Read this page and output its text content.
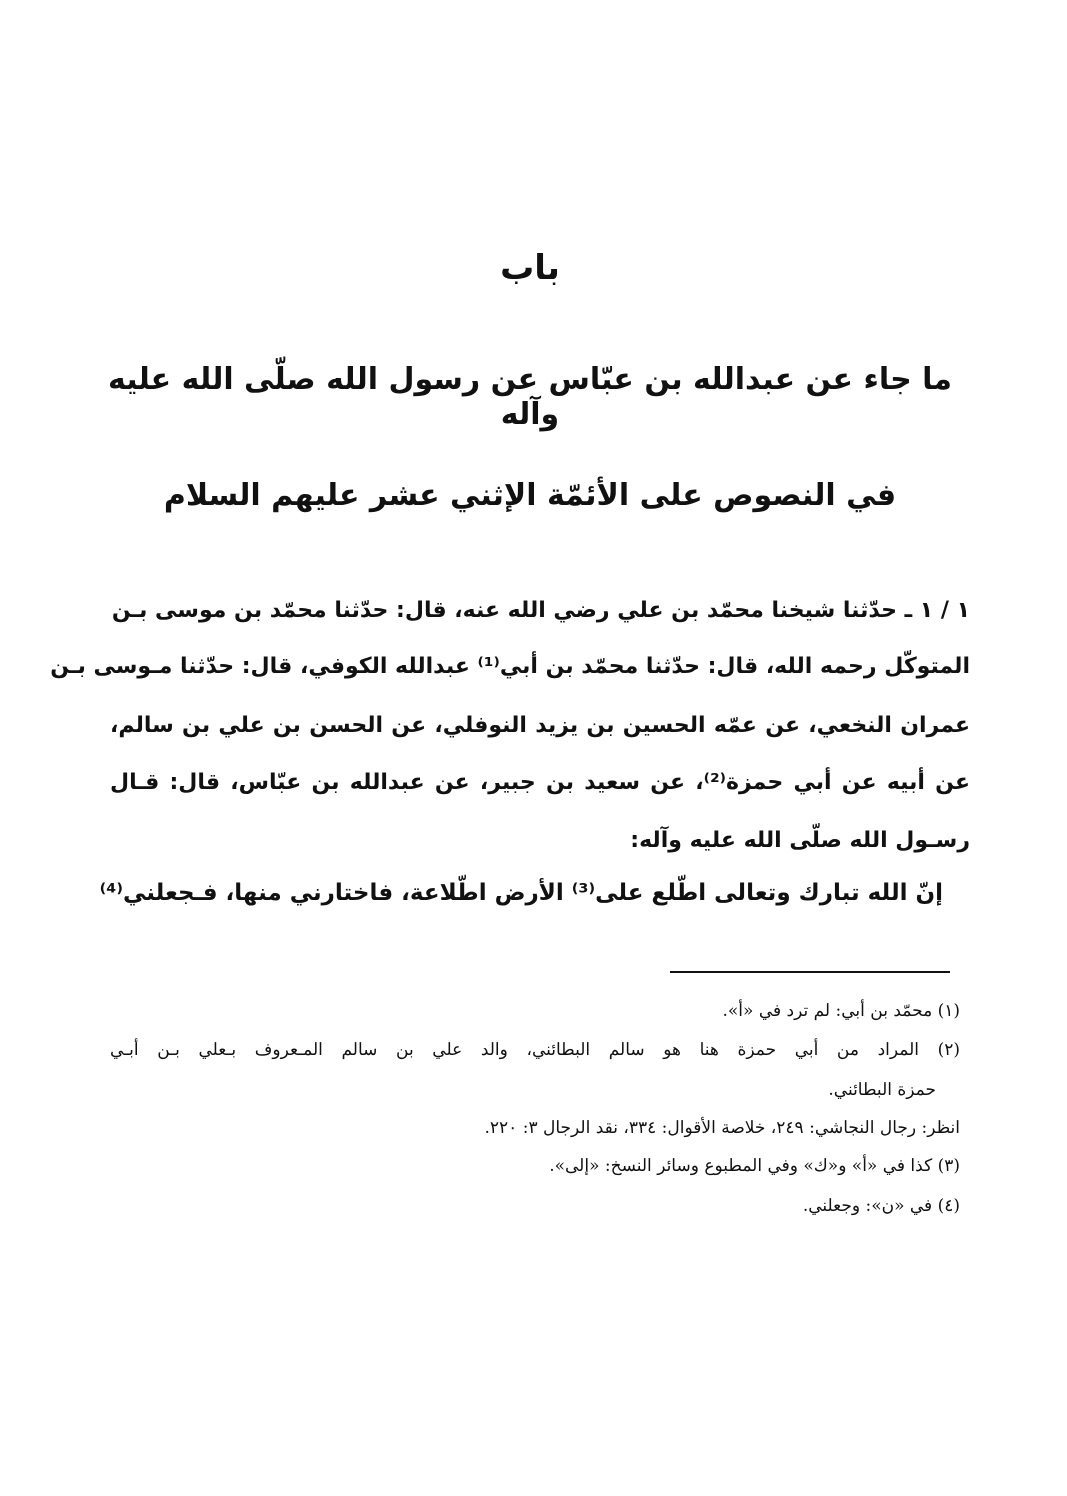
باب
ما جاء عن عبدالله بن عبّاس عن رسول الله صلّى الله عليه وآله
في النصوص على الأئمّة الإثني عشر عليهم السلام
١ / ١ ـ حدّثنا شيخنا محمّد بن علي رضي الله عنه، قال: حدّثنا محمّد بن موسى بـن
المتوكّل رحمه الله، قال: حدّثنا محمّد بن أبي⁽¹⁾ عبدالله الكوفي، قال: حدّثنا مـوسى بـن
عمران النخعي، عن عمّه الحسين بن يزيد النوفلي، عن الحسن بن علي بن سالم،
عن أبيه عن أبي حمزة⁽²⁾، عن سعيد بن جبير، عن عبدالله بن عبّاس، قال: قـال
رسـول الله صلّى الله عليه وآله:
إنّ الله تبارك وتعالى اطّلع على⁽³⁾ الأرض اطّلاعة، فاختارني منها، فـجعلني⁽⁴⁾
(١) محمّد بن أبي: لم ترد في «أ».
(٢) المراد من أبي حمزة هنا هو سالم البطائني، والد علي بن سالم المـعروف بـعلي بـن أبـي
حمزة البطائني.
انظر: رجال النجاشي: ٢٤٩، خلاصة الأقوال: ٣٣٤، نقد الرجال ٣: ٢٢٠.
(٣) كذا في «أ» و«ك» وفي المطبوع وسائر النسخ: «إلى».
(٤) في «ن»: وجعلني.
